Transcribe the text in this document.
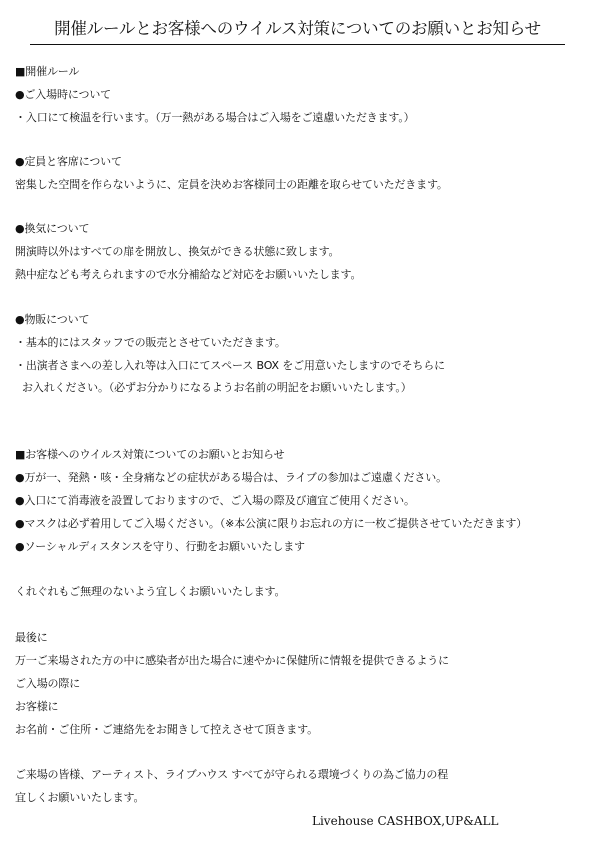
開催ルールとお客様へのウイルス対策についてのお願いとお知らせ
■開催ルール
●ご入場時について
・入口にて検温を行います。（万一熱がある場合はご入場をご遠慮いただきます。）
●定員と客席について
密集した空間を作らないように、定員を決めお客様同士の距離を取らせていただきます。
●換気について
開演時以外はすべての扉を開放し、換気ができる状態に致します。
熱中症なども考えられますので水分補給など対応をお願いいたします。
●物販について
・基本的にはスタッフでの販売とさせていただきます。
・出演者さまへの差し入れ等は入口にてスペース BOX をご用意いたしますのでそちらに
お入れください。（必ずお分かりになるようお名前の明記をお願いいたします。）
■お客様へのウイルス対策についてのお願いとお知らせ
●万が一、発熱・咳・全身痛などの症状がある場合は、ライブの参加はご遠慮ください。
●入口にて消毒液を設置しておりますので、ご入場の際及び適宜ご使用ください。
●マスクは必ず着用してご入場ください。（※本公演に限りお忘れの方に一枚ご提供させていただきます）
●ソーシャルディスタンスを守り、行動をお願いいたします
くれぐれもご無理のないよう宜しくお願いいたします。
最後に
万一ご来場された方の中に感染者が出た場合に速やかに保健所に情報を提供できるように
ご入場の際に
お客様に
お名前・ご住所・ご連絡先をお聞きして控えさせて頂きます。
ご来場の皆様、アーティスト、ライブハウス すべてが守られる環境づくりの為ご協力の程
宜しくお願いいたします。
Livehouse CASHBOX,UP&ALL
